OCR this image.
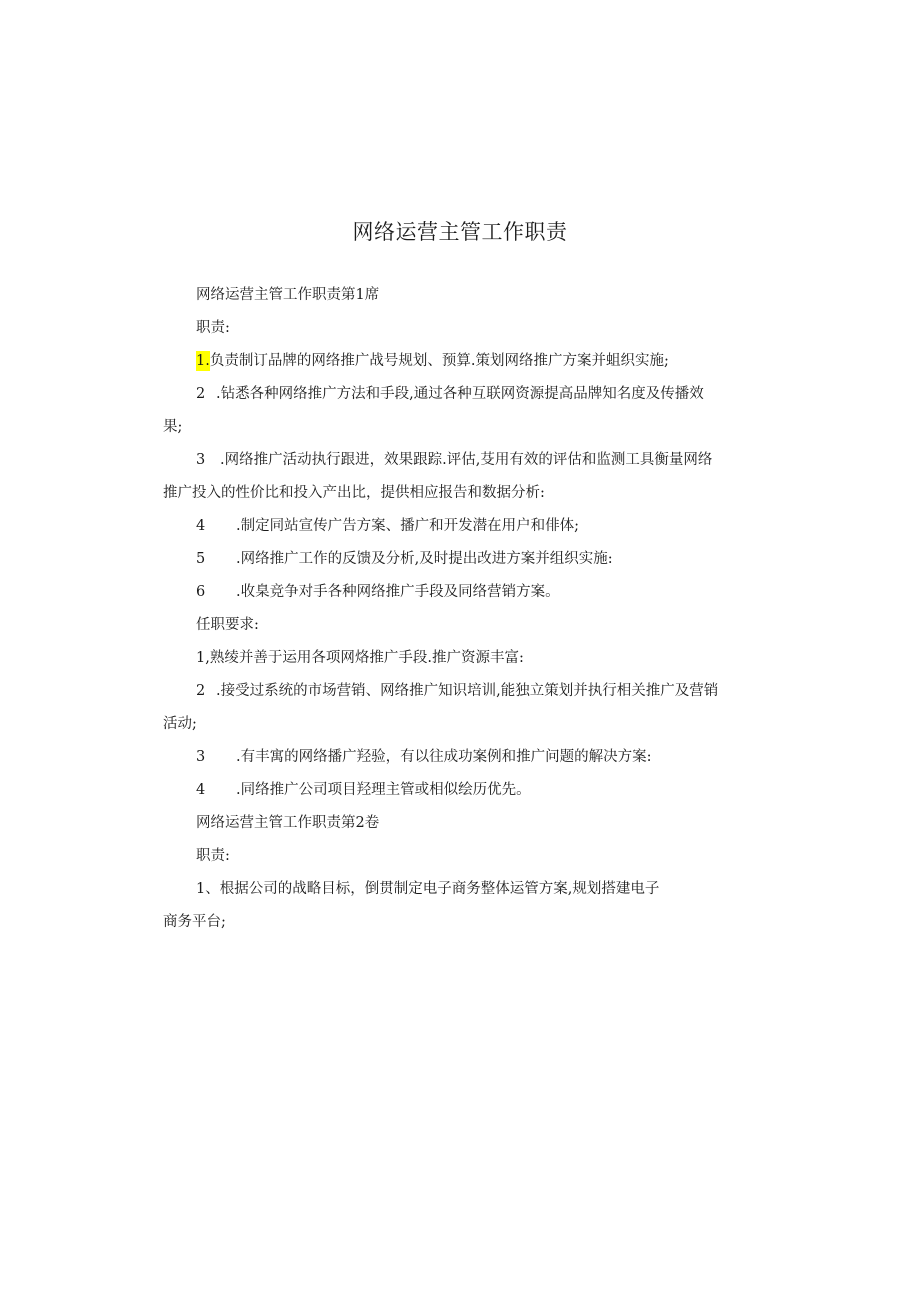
网络运营主管工作职责
网络运营主管工作职责第1席
职责:
1.负责制订品牌的网络推广战号规划、预算.策划网络推广方案并蛆织实施;
2 .钻悉各种网络推广方法和手段,通过各种互联网资源提高品牌知名度及传播效
果;
3 .网络推广活动执行跟进，效果跟踪.评估,芟用有效的评估和监测工具衡量网络
推广投入的性价比和投入产出比，提供相应报告和数据分析:
4 .制定同站宣传广告方案、播广和开发潜在用户和俳体;
5 .网络推广工作的反馈及分析,及时提出改进方案并组织实施:
6 .收臬竞争对手各种网络推广手段及同络营销方案。
任职要求:
1,熟绫并善于运用各项网烙推广手段.推广资源丰富:
2 .接受过系统的市场营销、网络推广知识培训,能独立策划并执行相关推广及营销
活动;
3 .有丰寓的网络播广羟验，有以往成功案例和推广问题的解决方案:
4 .同络推广公司项目羟理主管或相似绘历优先。
网络运营主管工作职责第2卷
职责:
1、根据公司的战略目标，倒贯制定电子商务整体运管方案,规划搭建电子
商务平台;
